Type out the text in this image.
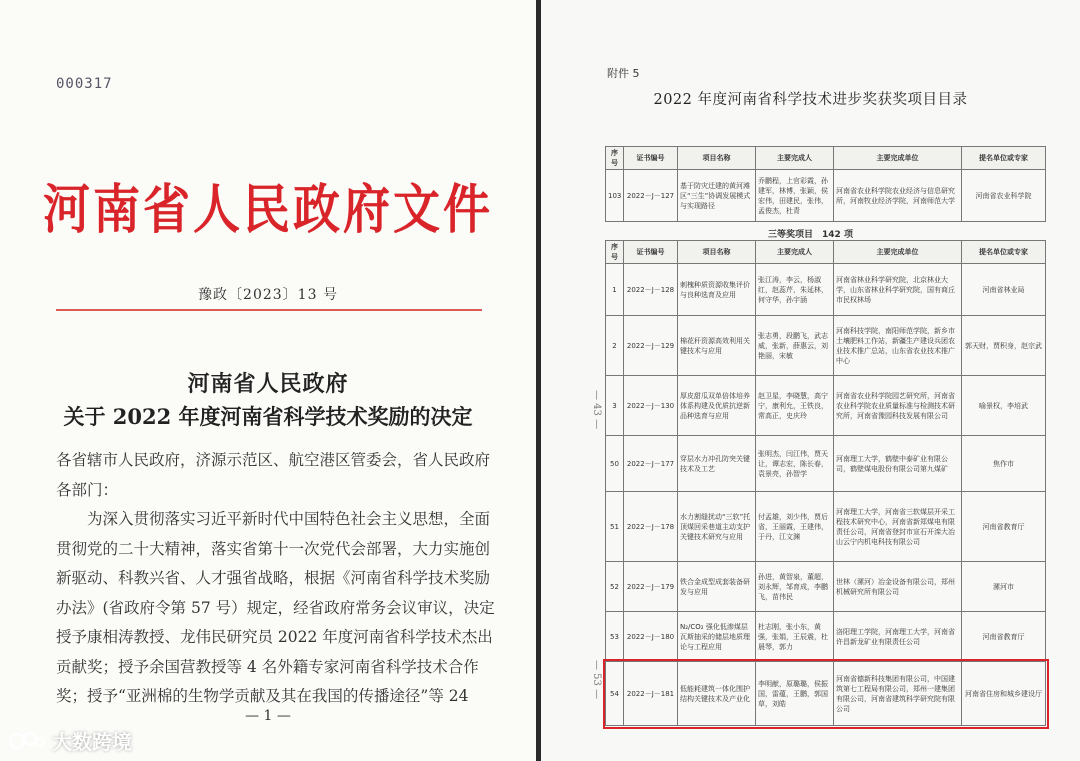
000317
河南省人民政府文件
豫政〔2023〕13 号
河南省人民政府
关于 2022 年度河南省科学技术奖励的决定
各省辖市人民政府，济源示范区、航空港区管委会，省人民政府
各部门：
　　为深入贯彻落实习近平新时代中国特色社会主义思想，全面
贯彻党的二十大精神，落实省第十一次党代会部署，大力实施创
新驱动、科教兴省、人才强省战略，根据《河南省科学技术奖励
办法》(省政府令第 57 号）规定，经省政府常务会议审议，决定
授予康相涛教授、龙伟民研究员 2022 年度河南省科学技术杰出
贡献奖；授予余国营教授等 4 名外籍专家河南省科学技术合作
奖；授予“亚洲棉的生物学贡献及其在我国的传播途径”等 24
— 1 —
大数跨境
附件 5
2022 年度河南省科学技术进步奖获奖项目目录
— 43 —
— 53 —
序号	证书编号	项目名称	主要完成人	主要完成单位	提名单位或专家
103	2022－J－127	基于防灾迁建的黄河滩区“三生”协调发展模式与实现路径	乔鹏程，上官彩霞，孙建军，林博，张颖，侯宏伟，田建民，张伟，孟俊杰，杜青	河南省农业科学院农业经济与信息研究所，河南牧业经济学院，河南师范大学	河南省农业科学院
三等奖项目　142 项
序号	证书编号	项目名称	主要完成人	主要完成单位	提名单位或专家
1	2022－J－128	刺槐种质资源收集评价与良种选育及应用	张江涛，李云，杨淑红，赵蕊芹，朱延林，何守华，孙宇涵	河南省林业科学研究院，北京林业大学，山东省林业科学研究院，国有商丘市民权林场	河南省林业局
2	2022－J－129	棉花秆资源高效利用关键技术与应用	张志勇，段鹏飞，武志威，张新，薛惠云，刘艳丽，宋敏	河南科技学院，南阳师范学院，新乡市土壤肥料工作站，新疆生产建设兵团农业技术推广总站，山东省农业技术推广中心	郭天财，贾积身，赵宗武
3	2022－J－130	厚皮甜瓜双单倍体培养体系构建及优质抗逆新品种选育与应用	赵卫星，李晓慧，高宁宁，康利允，王铁良，常高正，史庆玲	河南省农业科学院园艺研究所，河南省农业科学院农业质量标准与检测技术研究所，河南省豫园科技发展有限公司	喻景权，李培武
50	2022－J－177	穿层水力冲孔防突关键技术及工艺	张明杰，闫江伟，贾天让，谭志宏，陈长春，袁景亮，孙智学	河南理工大学，鹤壁中泰矿业有限公司，鹤壁煤电股份有限公司第九煤矿	焦作市
51	2022－J－178	水力割缝扰动“三软”托顶煤回采巷道主动支护关键技术研究与应用	付孟雄，刘少伟，贾后省，王丽霞，王建伟，于丹，江文渊	河南理工大学，河南省三软煤层开采工程技术研究中心，河南省新郑煤电有限责任公司，河南省登封市宣石开滦大冶山云宁内机电科技有限公司	河南省教育厅
52	2022－J－179	铁合金成型成套装备研发与应用	孙进，黄智泉，董超，刘永辉，邹育成，李鹏飞，苗伟民	世林（漯河）冶金设备有限公司，郑州机械研究所有限公司	漯河市
53	2022－J－180	N₂/CO₂ 强化低渗煤层瓦斯抽采的储层地质理论与工程应用	杜志刚，张小东，黄强，张娟，王辰震，杜晨琴，郭力	洛阳理工学院，河南理工大学，河南省许昌新龙矿业有限责任公司	河南省教育厅
54	2022－J－181	低能耗建筑一体化围护结构关键技术及产业化	李明献，原璐璐，侯振国，雷蕴，王鹏，郭国草，刘皓	河南省德新科技集团有限公司，中国建筑第七工程局有限公司，郑州一建集团有限公司，河南省建筑科学研究院有限公司	河南省住房和城乡建设厅
